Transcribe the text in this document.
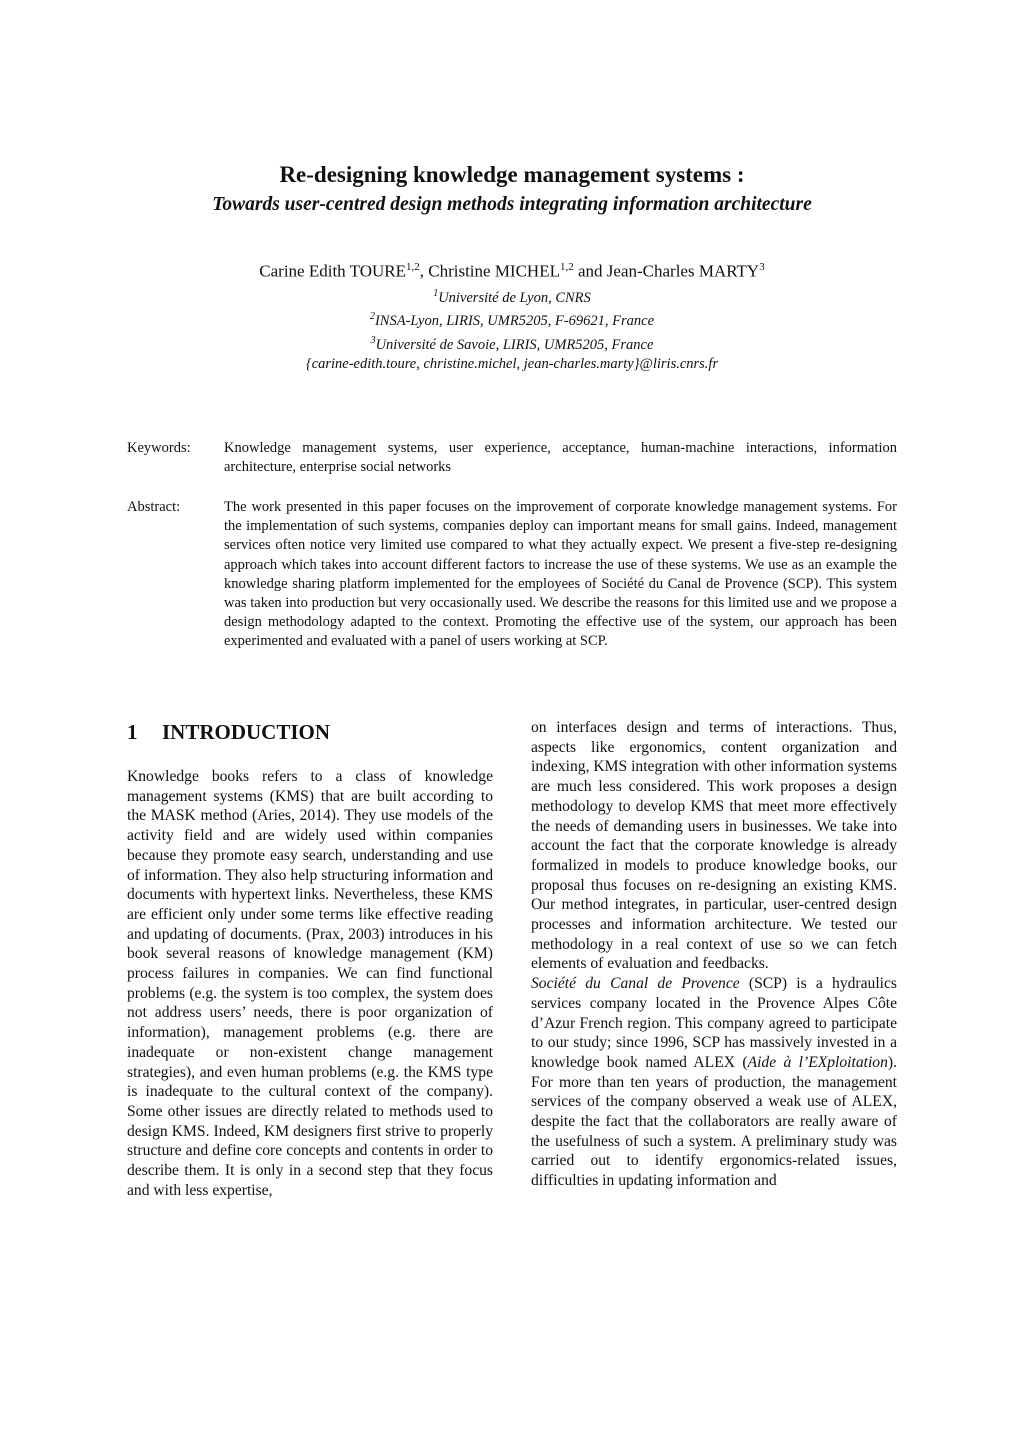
Re-designing knowledge management systems :
Towards user-centred design methods integrating information architecture
Carine Edith TOURE$^{1,2}$, Christine MICHEL$^{1,2}$ and Jean-Charles MARTY$^3$
$^1$Université de Lyon, CNRS
$^2$INSA-Lyon, LIRIS, UMR5205, F-69621, France
$^3$Université de Savoie, LIRIS, UMR5205, France
{carine-edith.toure, christine.michel, jean-charles.marty}@liris.cnrs.fr
Keywords:	Knowledge management systems, user experience, acceptance, human-machine interactions, information architecture, enterprise social networks
Abstract:	The work presented in this paper focuses on the improvement of corporate knowledge management systems. For the implementation of such systems, companies deploy can important means for small gains. Indeed, management services often notice very limited use compared to what they actually expect. We present a five-step re-designing approach which takes into account different factors to increase the use of these systems. We use as an example the knowledge sharing platform implemented for the employees of Société du Canal de Provence (SCP). This system was taken into production but very occasionally used. We describe the reasons for this limited use and we propose a design methodology adapted to the context. Promoting the effective use of the system, our approach has been experimented and evaluated with a panel of users working at SCP.
1 INTRODUCTION

Knowledge books refers to a class of knowledge management systems (KMS) that are built according to the MASK method (Aries, 2014). They use models of the activity field and are widely used within companies because they promote easy search, understanding and use of information. They also help structuring information and documents with hypertext links. Nevertheless, these KMS are efficient only under some terms like effective reading and updating of documents. (Prax, 2003) introduces in his book several reasons of knowledge management (KM) process failures in companies. We can find functional problems (e.g. the system is too complex, the system does not address users’ needs, there is poor organization of information), management problems (e.g. there are inadequate or non-existent change management strategies), and even human problems (e.g. the KMS type is inadequate to the cultural context of the company). Some other issues are directly related to methods used to design KMS. Indeed, KM designers first strive to properly structure and define core concepts and contents in order to describe them. It is only in a second step that they focus and with less expertise,

on interfaces design and terms of interactions. Thus, aspects like ergonomics, content organization and indexing, KMS integration with other information systems are much less considered. This work proposes a design methodology to develop KMS that meet more effectively the needs of demanding users in businesses. We take into account the fact that the corporate knowledge is already formalized in models to produce knowledge books, our proposal thus focuses on re-designing an existing KMS. Our method integrates, in particular, user-centred design processes and information architecture. We tested our methodology in a real context of use so we can fetch elements of evaluation and feedbacks.

Société du Canal de Provence (SCP) is a hydraulics services company located in the Provence Alpes Côte d’Azur French region. This company agreed to participate to our study; since 1996, SCP has massively invested in a knowledge book named ALEX (Aide à l’EXploitation). For more than ten years of production, the management services of the company observed a weak use of ALEX, despite the fact that the collaborators are really aware of the usefulness of such a system. A preliminary study was carried out to identify ergonomics-related issues, difficulties in updating information and
